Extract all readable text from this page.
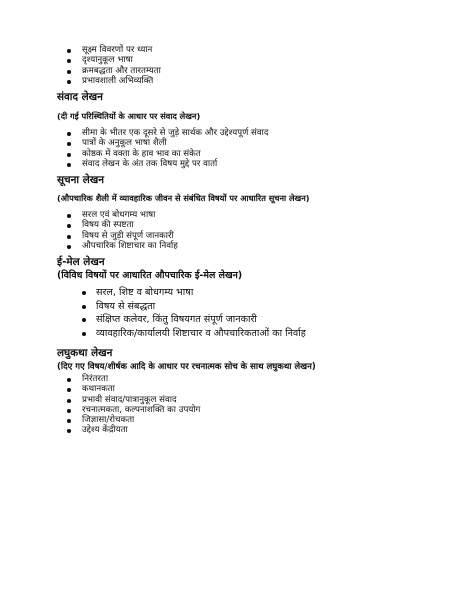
सूक्ष्म विवरणों पर ध्यान
दृश्यानुकूल भाषा
क्रमबद्धता और तारतम्यता
प्रभावशाली अभिव्यक्ति
संवाद लेखन
(दी गई परिस्थितियों के आधार पर संवाद लेखन)
सीमा के भीतर एक दूसरे से जुड़े सार्थक और उद्देश्यपूर्ण संवाद
पात्रों के अनुकूल भाषा शैली
कोष्ठक में वक्ता के हाव भाव का संकेत
संवाद लेखन के अंत तक विषय मुद्दे पर वार्ता
सूचना लेखन
(औपचारिक शैली में व्यावहारिक जीवन से संबंधित विषयों पर आधारित सूचना लेखन)
सरल एवं बोधगम्य भाषा
विषय की स्पष्टता
विषय से जुड़ी संपूर्ण जानकारी
औपचारिक शिष्टाचार का निर्वाह
ई-मेल लेखन
(विविध विषयों पर आधारित औपचारिक ई-मेल लेखन)
सरल, शिष्ट व बोधगम्य भाषा
विषय से संबद्धता
संक्षिप्त कलेवर, किंतु विषयगत संपूर्ण जानकारी
व्यावहारिक/कार्यालयी शिष्टाचार व औपचारिकताओं का निर्वाह
लघुकथा लेखन
(दिए गए विषय/शीर्षक आदि के आधार पर रचनात्मक सोच के साथ लघुकथा लेखन)
निरंतरता
कथानकता
प्रभावी संवाद/पात्रानुकूल संवाद
रचनात्मकता, कल्पनाशक्ति का उपयोग
जिज्ञासा/रोचकता
उद्देश्य केंद्रीयता
